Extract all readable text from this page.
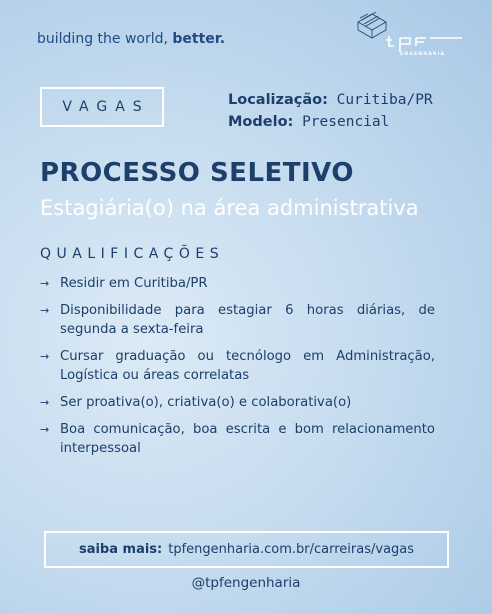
building the world, better.
ENGENHARIA
VAGAS	Localização: Curitiba/PR
Modelo: Presencial
PROCESSO SELETIVO
Estagiária(o) na área administrativa
QUALIFICAÇÕES
→ Residir em Curitiba/PR
→ Disponibilidade para estagiar 6 horas diárias, de segunda a sexta-feira
→ Cursar graduação ou tecnólogo em Administração, Logística ou áreas correlatas
→ Ser proativa(o), criativa(o) e colaborativa(o)
→ Boa comunicação, boa escrita e bom relacionamento interpessoal
saiba mais: tpfengenharia.com.br/carreiras/vagas
@tpfengenharia
